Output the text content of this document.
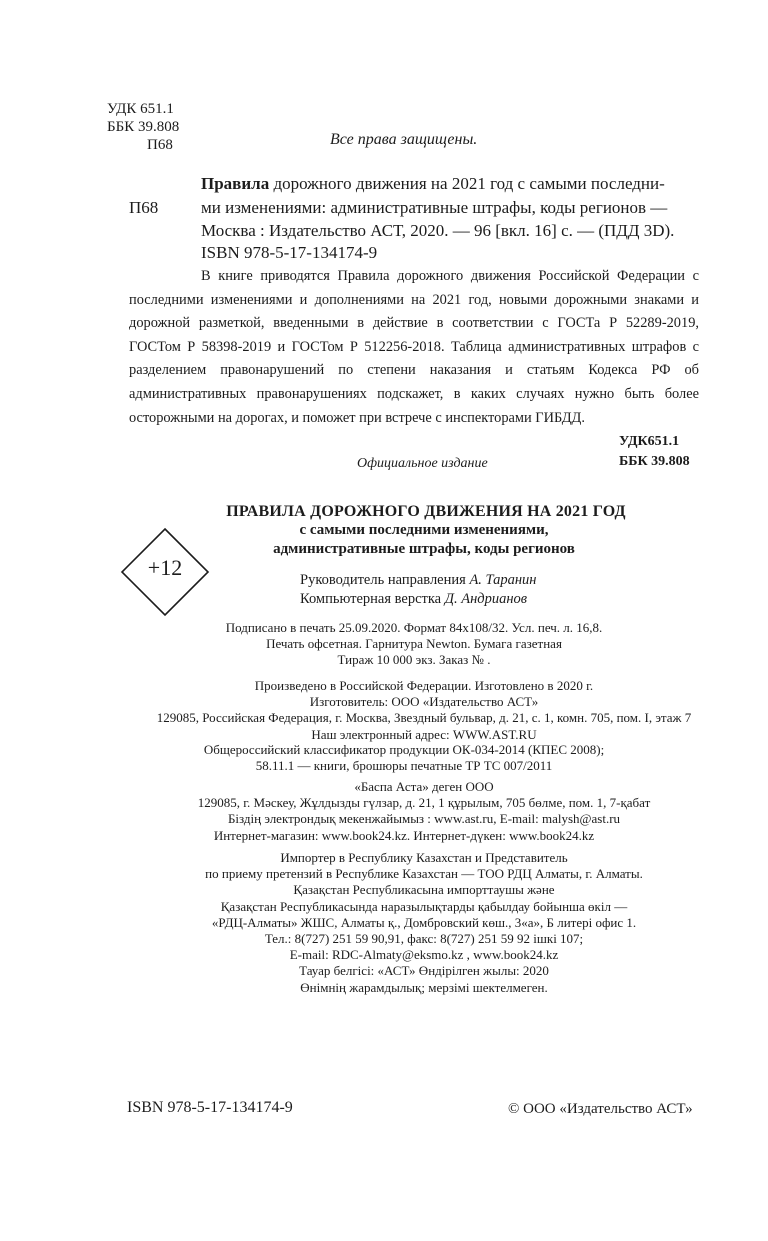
УДК 651.1
ББК 39.808
П68	Все права защищены.
Правила дорожного движения на 2021 год с самыми последни-
П68	ми изменениями: административные штрафы, коды регионов —
Москва : Издательство АСТ, 2020. — 96 [вкл. 16] с. — (ПДД 3D).
ISBN 978-5-17-134174-9

В книге приводятся Правила дорожного движения Российской Федерации с последними изменениями и дополнениями на 2021 год, новыми дорожными знаками и дорожной разметкой, введенными в действие в соответствии с ГОСТа Р 52289-2019, ГОСТом Р 58398-2019 и ГОСТом Р 512256-2018. Таблица административных штрафов с разделением правонарушений по степени наказания и статьям Кодекса РФ об административных правонарушениях подскажет, в каких случаях нужно быть более осторожными на дорогах, и поможет при встрече с инспекторами ГИБДД.

УДК651.1
ББК 39.808
Официальное издание
ПРАВИЛА ДОРОЖНОГО ДВИЖЕНИЯ НА 2021 ГОД
с самыми последними изменениями,
административные штрафы, коды регионов
+12	Руководитель направления А. Таранин
Компьютерная верстка Д. Андрианов
Подписано в печать 25.09.2020. Формат 84x108/32. Усл. печ. л. 16,8.
Печать офсетная. Гарнитура Newton. Бумага газетная
Тираж 10 000 экз. Заказ № .
Произведено в Российской Федерации. Изготовлено в 2020 г.
Изготовитель: ООО «Издательство АСТ»
129085, Российская Федерация, г. Москва, Звездный бульвар, д. 21, с. 1, комн. 705, пом. I, этаж 7
Наш электронный адрес: WWW.AST.RU
Общероссийский классификатор продукции ОК-034-2014 (КПЕС 2008);
58.11.1 — книги, брошюры печатные ТР ТС 007/2011
«Баспа Аста» деген ООО
129085, г. Мәскеу, Жұлдызды гүлзар, д. 21, 1 құрылым, 705 бөлме, пом. 1, 7-қабат
Біздің электрондық мекенжайымыз : www.ast.ru, E-mail: malysh@ast.ru
Интернет-магазин: www.book24.kz. Интернет-дүкен: www.book24.kz
Импортер в Республику Казахстан и Представитель
по приему претензий в Республике Казахстан — ТОО РДЦ Алматы, г. Алматы.
Қазақстан Республикасына импорттаушы және
Қазақстан Республикасында наразылықтарды қабылдау бойынша өкіл —
«РДЦ-Алматы» ЖШС, Алматы қ., Домбровский көш., 3«а», Б литері офис 1.
Тел.: 8(727) 251 59 90,91, факс: 8(727) 251 59 92 ішкі 107;
E-mail: RDC-Almaty@eksmo.kz , www.book24.kz
Тауар белгісі: «АСТ» Өндірілген жылы: 2020
Өнімнің жарамдылық; мерзімі шектелмеген.
ISBN 978-5-17-134174-9	© ООО «Издательство АСТ»
